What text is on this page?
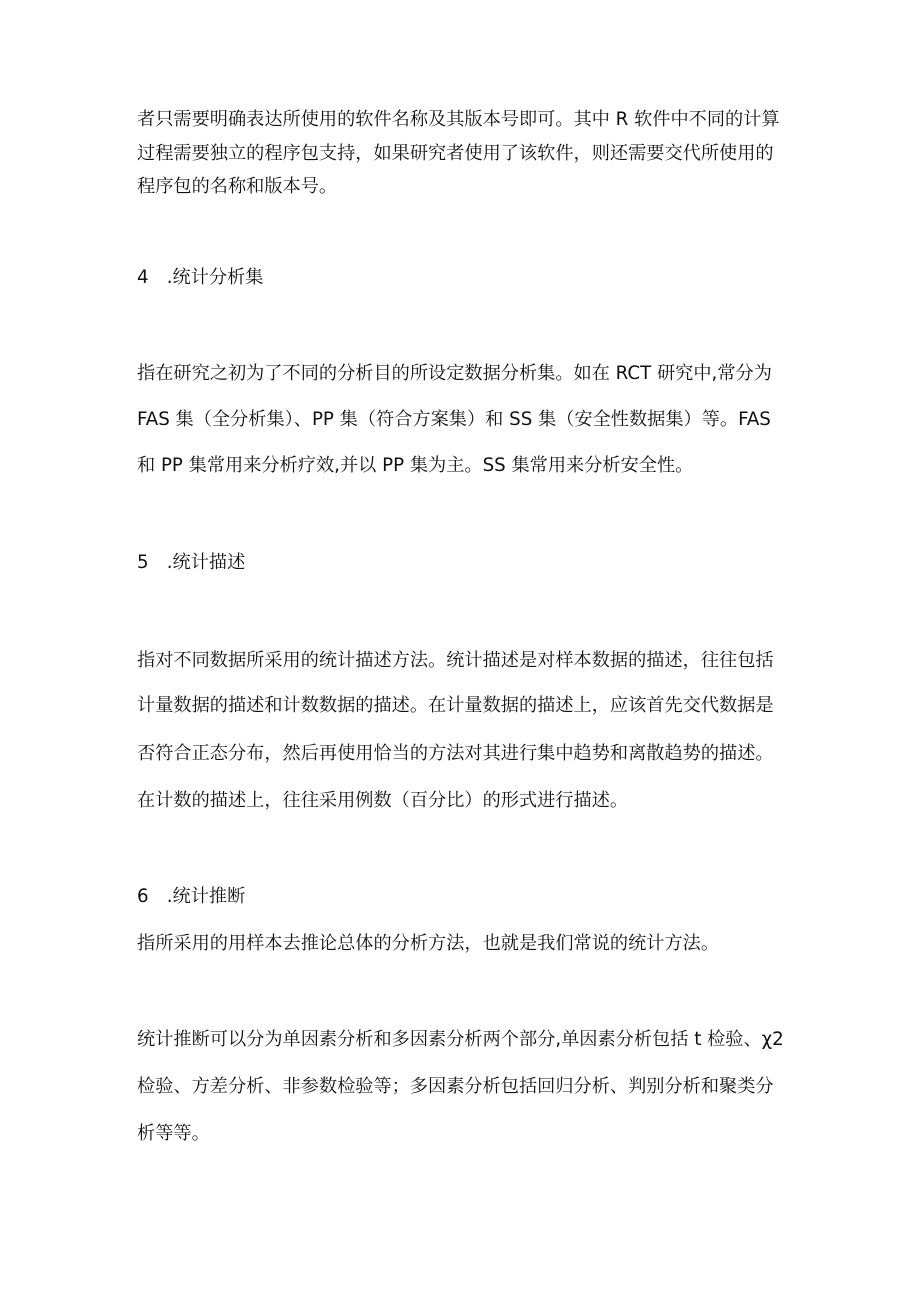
者只需要明确表达所使用的软件名称及其版本号即可。其中 R 软件中不同的计算
过程需要独立的程序包支持，如果研究者使用了该软件，则还需要交代所使用的
程序包的名称和版本号。
4　.统计分析集
指在研究之初为了不同的分析目的所设定数据分析集。如在 RCT 研究中,常分为
FAS 集（全分析集）、PP 集（符合方案集）和 SS 集（安全性数据集）等。FAS
和 PP 集常用来分析疗效,并以 PP 集为主。SS 集常用来分析安全性。
5　.统计描述
指对不同数据所采用的统计描述方法。统计描述是对样本数据的描述，往往包括
计量数据的描述和计数数据的描述。在计量数据的描述上，应该首先交代数据是
否符合正态分布，然后再使用恰当的方法对其进行集中趋势和离散趋势的描述。
在计数的描述上，往往采用例数（百分比）的形式进行描述。
6　.统计推断
指所采用的用样本去推论总体的分析方法，也就是我们常说的统计方法。
统计推断可以分为单因素分析和多因素分析两个部分,单因素分析包括 t 检验、χ2
检验、方差分析、非参数检验等；多因素分析包括回归分析、判别分析和聚类分
析等等。
